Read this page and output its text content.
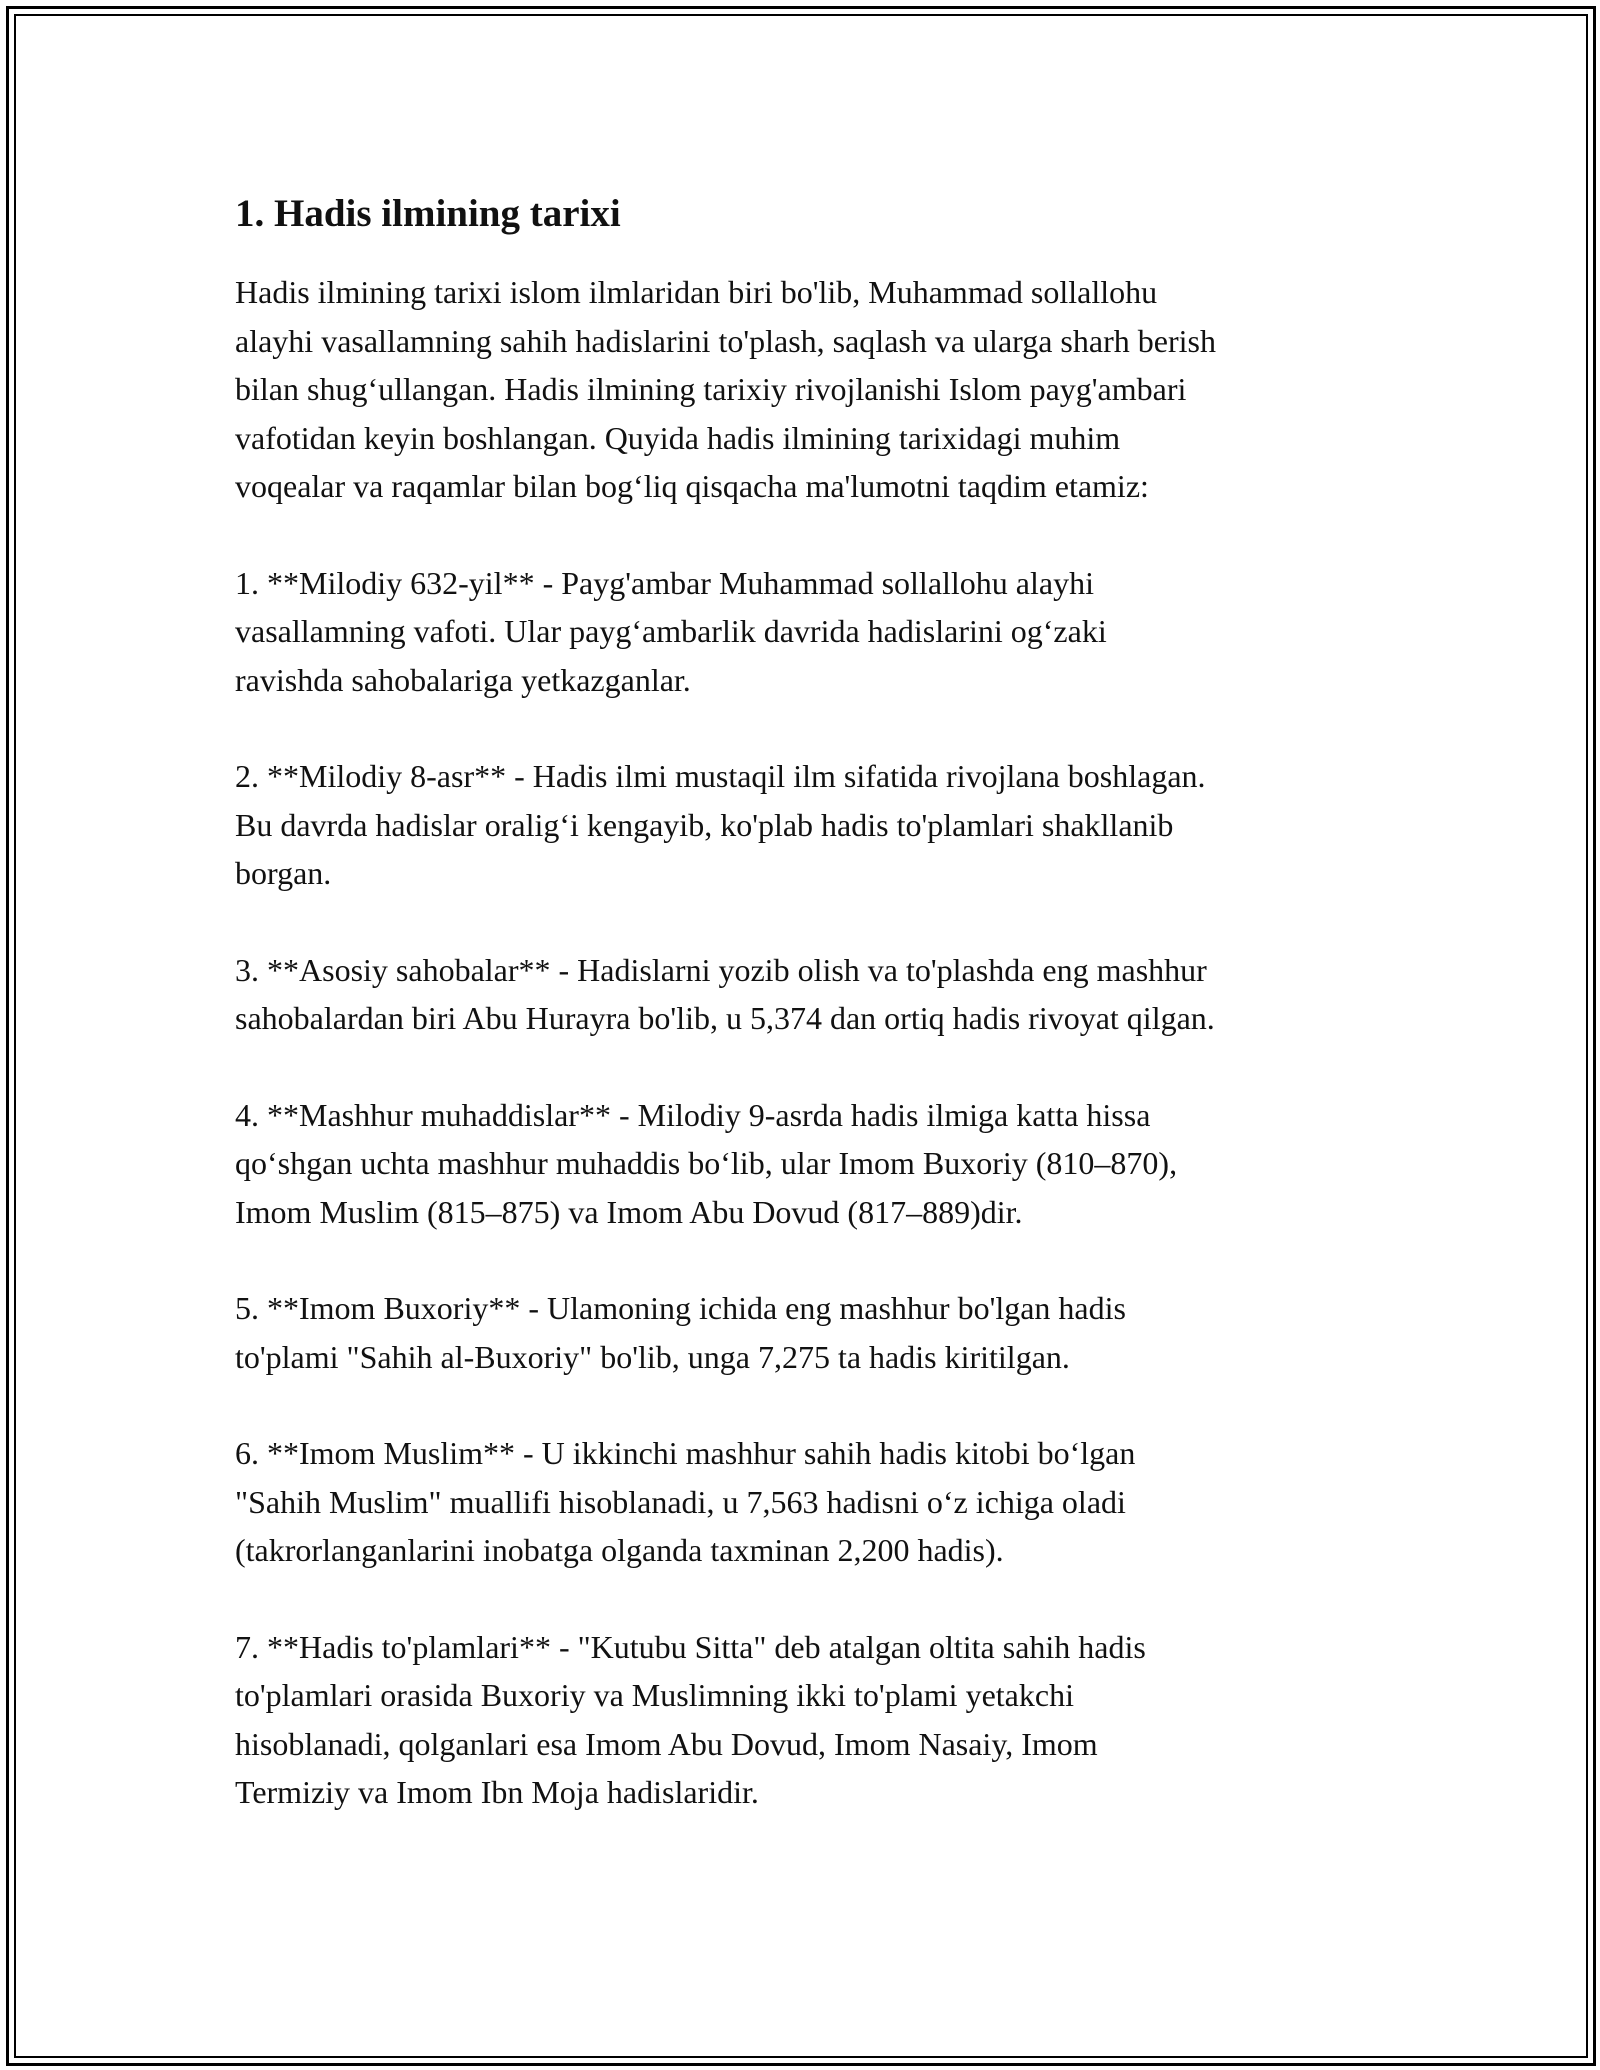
1. Hadis ilmining tarixi

Hadis ilmining tarixi islom ilmlaridan biri bo'lib, Muhammad sollallohu
alayhi vasallamning sahih hadislarini to'plash, saqlash va ularga sharh berish
bilan shug‘ullangan. Hadis ilmining tarixiy rivojlanishi Islom payg'ambari
vafotidan keyin boshlangan. Quyida hadis ilmining tarixidagi muhim
voqealar va raqamlar bilan bog‘liq qisqacha ma'lumotni taqdim etamiz:

1. **Milodiy 632-yil** - Payg'ambar Muhammad sollallohu alayhi
vasallamning vafoti. Ular payg‘ambarlik davrida hadislarini og‘zaki
ravishda sahobalariga yetkazganlar.

2. **Milodiy 8-asr** - Hadis ilmi mustaqil ilm sifatida rivojlana boshlagan.
Bu davrda hadislar oralig‘i kengayib, ko'plab hadis to'plamlari shakllanib
borgan.

3. **Asosiy sahobalar** - Hadislarni yozib olish va to'plashda eng mashhur
sahobalardan biri Abu Hurayra bo'lib, u 5,374 dan ortiq hadis rivoyat qilgan.

4. **Mashhur muhaddislar** - Milodiy 9-asrda hadis ilmiga katta hissa
qo‘shgan uchta mashhur muhaddis bo‘lib, ular Imom Buxoriy (810–870),
Imom Muslim (815–875) va Imom Abu Dovud (817–889)dir.

5. **Imom Buxoriy** - Ulamoning ichida eng mashhur bo'lgan hadis
to'plami "Sahih al-Buxoriy" bo'lib, unga 7,275 ta hadis kiritilgan.

6. **Imom Muslim** - U ikkinchi mashhur sahih hadis kitobi bo‘lgan
"Sahih Muslim" muallifi hisoblanadi, u 7,563 hadisni o‘z ichiga oladi
(takrorlanganlarini inobatga olganda taxminan 2,200 hadis).

7. **Hadis to'plamlari** - "Kutubu Sitta" deb atalgan oltita sahih hadis
to'plamlari orasida Buxoriy va Muslimning ikki to'plami yetakchi
hisoblanadi, qolganlari esa Imom Abu Dovud, Imom Nasaiy, Imom
Termiziy va Imom Ibn Moja hadislaridir.
